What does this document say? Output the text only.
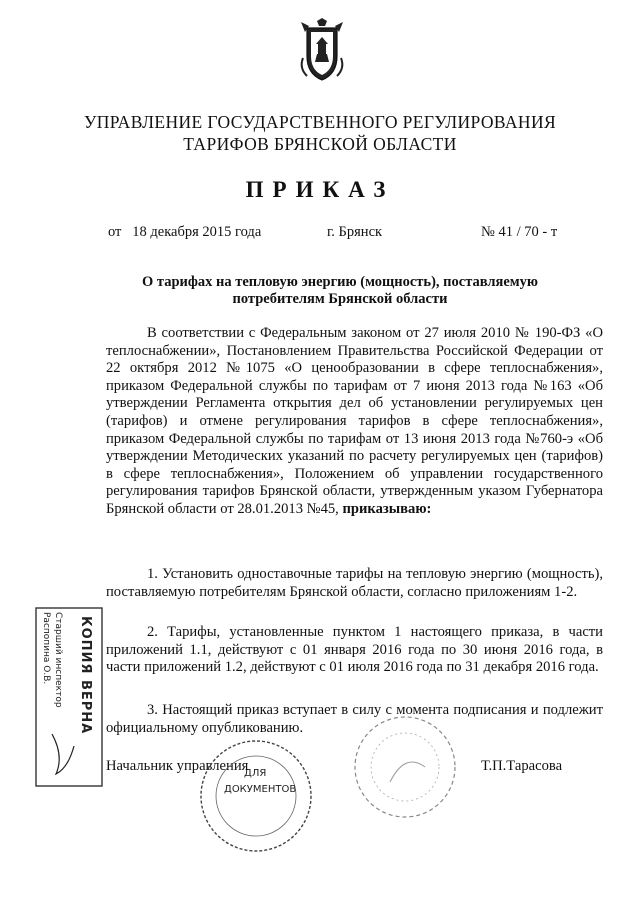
УПРАВЛЕНИЕ ГОСУДАРСТВЕННОГО РЕГУЛИРОВАНИЯ
ТАРИФОВ БРЯНСКОЙ ОБЛАСТИ
ПРИКАЗ
от   18 декабря 2015 года	г. Брянск	№ 41 / 70 - т
О тарифах на тепловую энергию (мощность), поставляемую
потребителям Брянской области
В соответствии с Федеральным законом от 27 июля 2010 № 190-ФЗ «О теплоснабжении», Постановлением Правительства Российской Федерации от 22 октября 2012 №1075 «О ценообразовании в сфере теплоснабжения», приказом Федеральной службы по тарифам от 7 июня 2013 года №163 «Об утверждении Регламента открытия дел об установлении регулируемых цен (тарифов) и отмене регулирования тарифов в сфере теплоснабжения», приказом Федеральной службы по тарифам от 13 июня 2013 года №760-э «Об утверждении Методических указаний по расчету регулируемых цен (тарифов) в сфере теплоснабжения», Положением об управлении государственного регулирования тарифов Брянской области, утвержденным указом Губернатора Брянской области от 28.01.2013 №45, приказываю:
1. Установить одноставочные тарифы на тепловую энергию (мощность), поставляемую потребителям Брянской области, согласно приложениям 1-2.
2. Тарифы, установленные пунктом 1 настоящего приказа, в части приложений 1.1, действуют с 01 января 2016 года по 30 июня 2016 года, в части приложений 1.2, действуют с 01 июля 2016 года по 31 декабря 2016 года.
3. Настоящий приказ вступает в силу с момента подписания и подлежит официальному опубликованию.
Начальник управления	Т.П.Тарасова
КОПИЯ ВЕРНА
Старший инспектор
Распопина О.В.
ДЛЯ
ДОКУМЕНТОВ
